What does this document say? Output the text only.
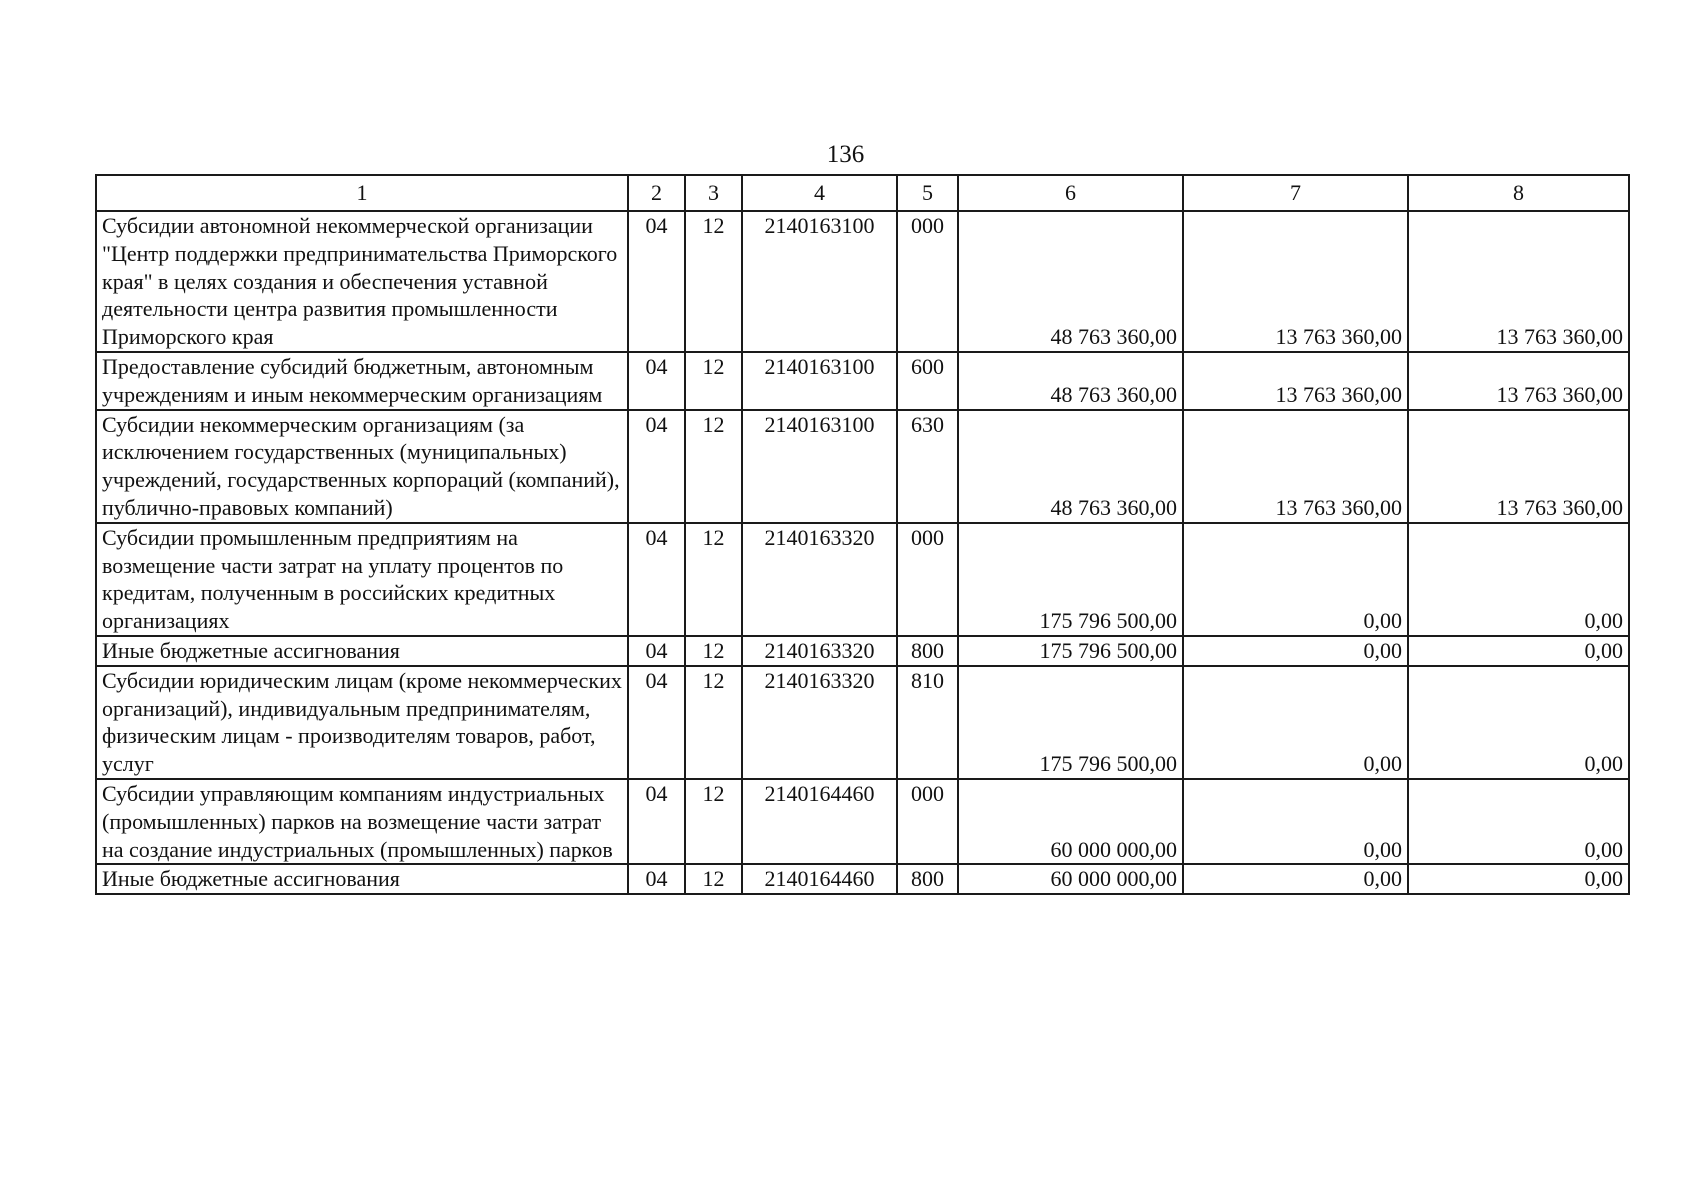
136
1	2	3	4	5	6	7	8
Субсидии автономной некоммерческой организации "Центр поддержки предпринимательства Приморского края" в целях создания и обеспечения уставной деятельности центра развития промышленности Приморского края	04	12	2140163100	000	48 763 360,00	13 763 360,00	13 763 360,00
Предоставление субсидий бюджетным, автономным учреждениям и иным некоммерческим организациям	04	12	2140163100	600	48 763 360,00	13 763 360,00	13 763 360,00
Субсидии некоммерческим организациям (за исключением государственных (муниципальных) учреждений, государственных корпораций (компаний), публично-правовых компаний)	04	12	2140163100	630	48 763 360,00	13 763 360,00	13 763 360,00
Субсидии промышленным предприятиям на возмещение части затрат на уплату процентов по кредитам, полученным в российских кредитных организациях	04	12	2140163320	000	175 796 500,00	0,00	0,00
Иные бюджетные ассигнования	04	12	2140163320	800	175 796 500,00	0,00	0,00
Субсидии юридическим лицам (кроме некоммерческих организаций), индивидуальным предпринимателям, физическим лицам - производителям товаров, работ, услуг	04	12	2140163320	810	175 796 500,00	0,00	0,00
Субсидии управляющим компаниям индустриальных (промышленных) парков на возмещение части затрат на создание индустриальных (промышленных) парков	04	12	2140164460	000	60 000 000,00	0,00	0,00
Иные бюджетные ассигнования	04	12	2140164460	800	60 000 000,00	0,00	0,00
